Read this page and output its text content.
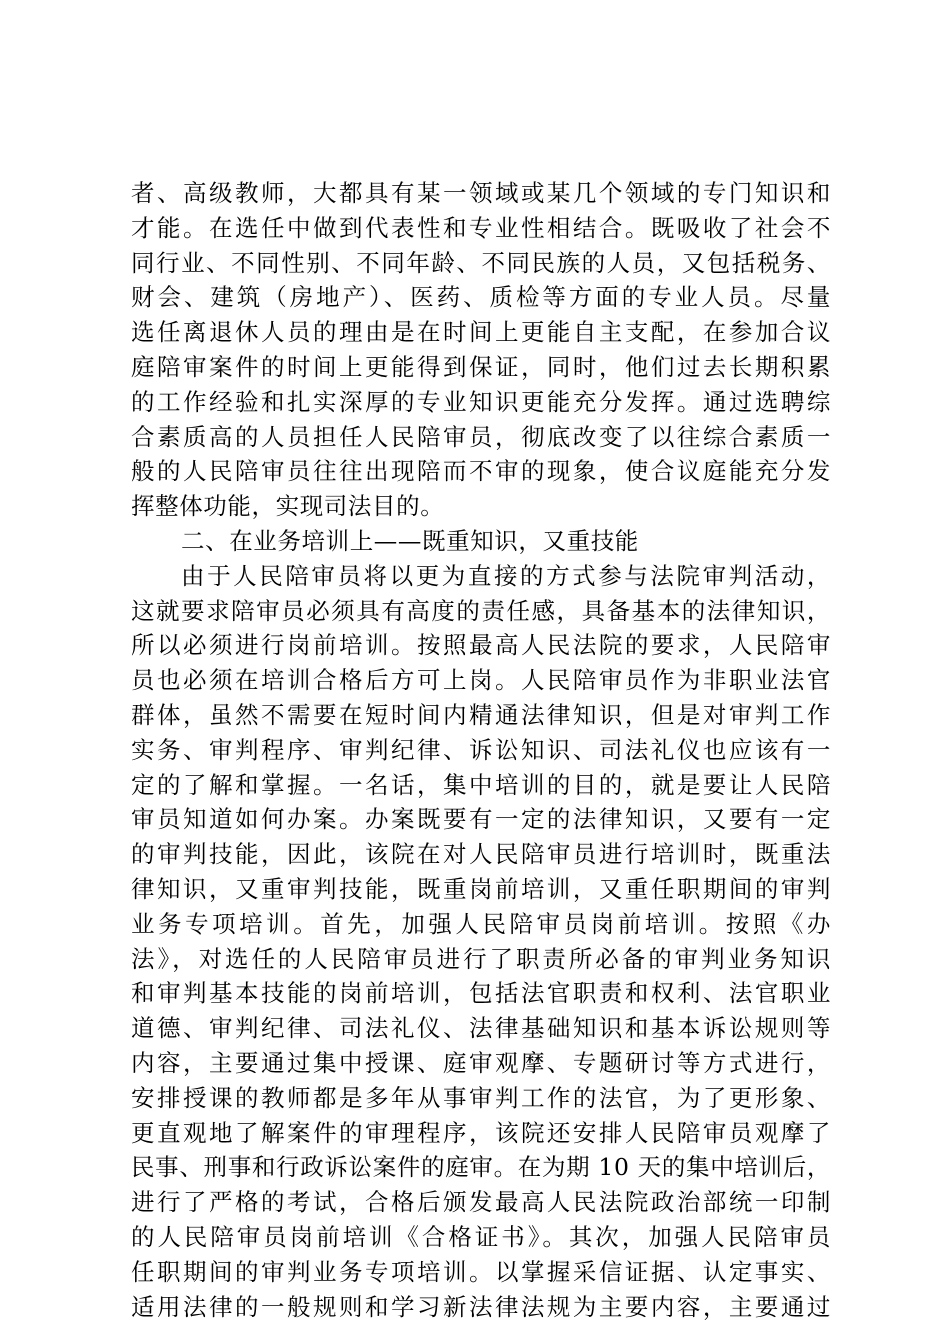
者、高级教师，大都具有某一领域或某几个领域的专门知识和
才能。在选任中做到代表性和专业性相结合。既吸收了社会不
同行业、不同性别、不同年龄、不同民族的人员，又包括税务、
财会、建筑（房地产）、医药、质检等方面的专业人员。尽量
选任离退休人员的理由是在时间上更能自主支配，在参加合议
庭陪审案件的时间上更能得到保证，同时，他们过去长期积累
的工作经验和扎实深厚的专业知识更能充分发挥。通过选聘综
合素质高的人员担任人民陪审员，彻底改变了以往综合素质一
般的人民陪审员往往出现陪而不审的现象，使合议庭能充分发
挥整体功能，实现司法目的。
二、在业务培训上——既重知识，又重技能
由于人民陪审员将以更为直接的方式参与法院审判活动，
这就要求陪审员必须具有高度的责任感，具备基本的法律知识，
所以必须进行岗前培训。按照最高人民法院的要求，人民陪审
员也必须在培训合格后方可上岗。人民陪审员作为非职业法官
群体，虽然不需要在短时间内精通法律知识，但是对审判工作
实务、审判程序、审判纪律、诉讼知识、司法礼仪也应该有一
定的了解和掌握。一名话，集中培训的目的，就是要让人民陪
审员知道如何办案。办案既要有一定的法律知识，又要有一定
的审判技能，因此，该院在对人民陪审员进行培训时，既重法
律知识，又重审判技能，既重岗前培训，又重任职期间的审判
业务专项培训。首先，加强人民陪审员岗前培训。按照《办
法》，对选任的人民陪审员进行了职责所必备的审判业务知识
和审判基本技能的岗前培训，包括法官职责和权利、法官职业
道德、审判纪律、司法礼仪、法律基础知识和基本诉讼规则等
内容，主要通过集中授课、庭审观摩、专题研讨等方式进行，
安排授课的教师都是多年从事审判工作的法官，为了更形象、
更直观地了解案件的审理程序，该院还安排人民陪审员观摩了
民事、刑事和行政诉讼案件的庭审。在为期 10 天的集中培训后，
进行了严格的考试，合格后颁发最高人民法院政治部统一印制
的人民陪审员岗前培训《合格证书》。其次，加强人民陪审员
任职期间的审判业务专项培训。以掌握采信证据、认定事实、
适用法律的一般规则和学习新法律法规为主要内容，主要通过
